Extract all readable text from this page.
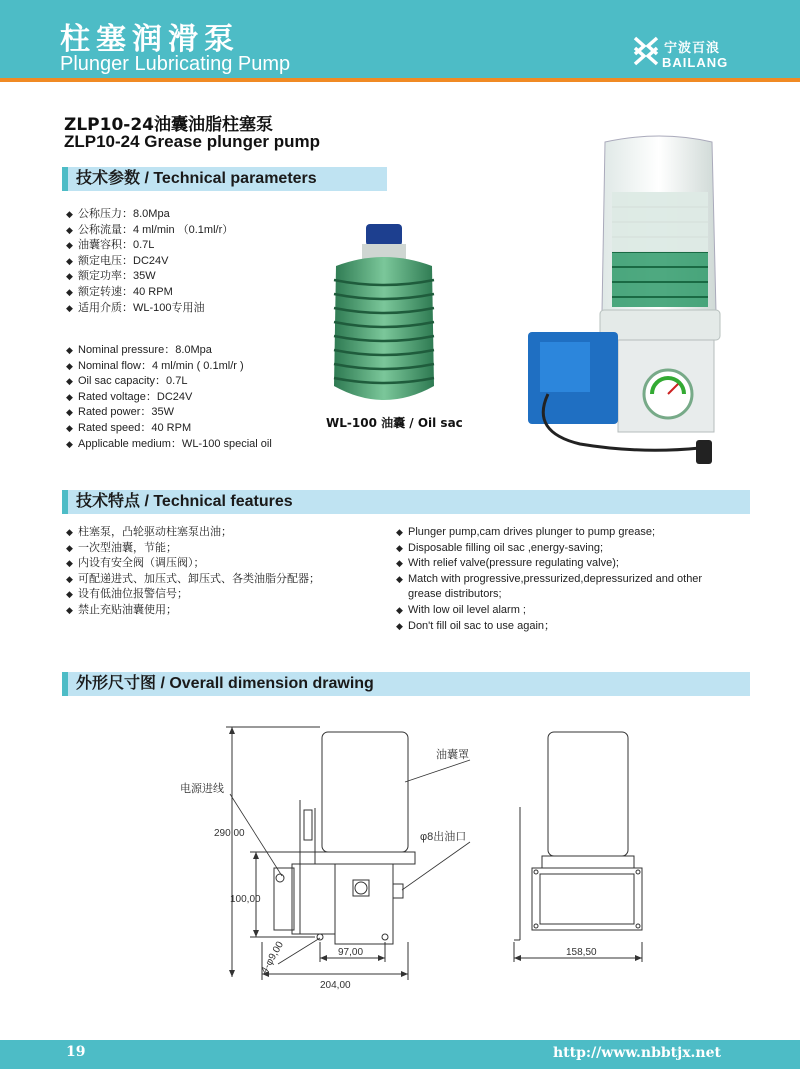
柱塞润滑泵
Plunger Lubricating Pump
宁波百浪
BAILANG
ZLP10-24油囊油脂柱塞泵
ZLP10-24 Grease plunger pump
技术参数 / Technical parameters
◆ 公称压力：8.0Mpa
◆ 公称流量：4 ml/min （0.1ml/r）
◆ 油囊容积：0.7L
◆ 额定电压：DC24V
◆ 额定功率：35W
◆ 额定转速：40 RPM
◆ 适用介质：WL-100专用油
◆ Nominal pressure：8.0Mpa
◆ Nominal flow：4 ml/min ( 0.1ml/r )
◆ Oil sac capacity：0.7L
◆ Rated voltage：DC24V
◆ Rated power：35W
◆ Rated speed：40 RPM
◆ Applicable medium：WL-100 special oil
WL-100 油囊 / Oil sac
技术特点 / Technical features
◆ 柱塞泵，凸轮驱动柱塞泵出油；
◆ 一次型油囊，节能；
◆ 内设有安全阀（调压阀）；
◆ 可配递进式、加压式、卸压式、各类油脂分配器；
◆ 设有低油位报警信号；
◆ 禁止充贴油囊使用；
◆ Plunger pump,cam drives plunger to pump grease;
◆ Disposable filling oil sac ,energy-saving;
◆ With relief valve(pressure regulating valve);
◆ Match with progressive,pressurized,depressurized and other
grease distributors;
◆ With low oil level alarm ;
◆ Don't fill oil sac to use again；
外形尺寸图 / Overall dimension drawing
电源进线
油囊罩
φ8出油口
290,00
100,00
4-φ9,00	97,00
204,00
158,50
19	http://www.nbbtjx.net
